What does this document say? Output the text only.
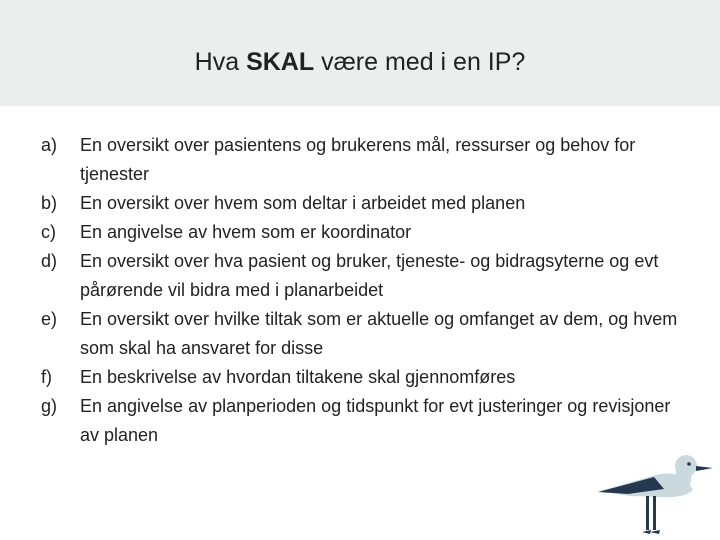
Hva SKAL være med i en IP?
a)	En oversikt over pasientens og brukerens mål, ressurser og behov for tjenester
b)	En oversikt over hvem som deltar i arbeidet med planen
c)	En angivelse av hvem som er koordinator
d)	En oversikt over hva pasient og bruker, tjeneste- og bidragsyterne og evt pårørende vil bidra med i planarbeidet
e)	En oversikt over hvilke tiltak som er aktuelle og omfanget av dem, og hvem som skal ha ansvaret for disse
f)	En beskrivelse av hvordan tiltakene skal gjennomføres
g)	En angivelse av planperioden og tidspunkt for evt justeringer og revisjoner av planen
